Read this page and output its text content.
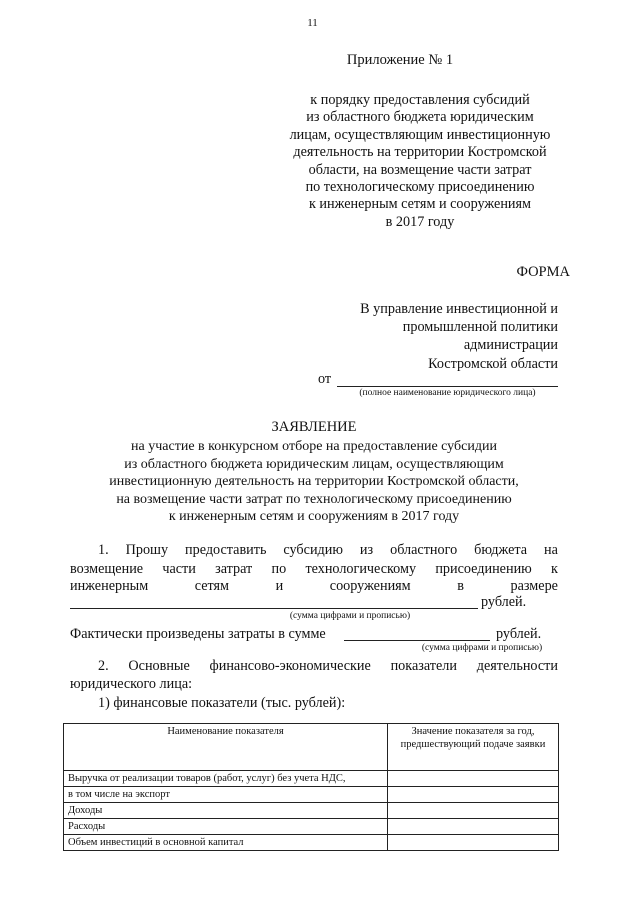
11
Приложение № 1
к порядку предоставления субсидий
из областного бюджета юридическим
лицам, осуществляющим инвестиционную
деятельность на территории Костромской
области, на возмещение части затрат
по технологическому присоединению
к инженерным сетям и сооружениям
в 2017 году
ФОРМА
В управление инвестиционной и
промышленной политики
администрации
Костромской области
от
(полное наименование юридического лица)
ЗАЯВЛЕНИЕ
на участие в конкурсном отборе на предоставление субсидии
из областного бюджета юридическим лицам, осуществляющим
инвестиционную деятельность на территории Костромской области,
на возмещение части затрат по технологическому присоединению
к инженерным сетям и сооружениям в 2017 году
1. Прошу предоставить субсидию из областного бюджета на
возмещение части затрат по технологическому присоединению к
инженерным	сетям	и	сооружениям	в	размере
рублей.
(сумма цифрами и прописью)
Фактически произведены затраты в сумме	рублей.
(сумма цифрами и прописью)
2. Основные финансово-экономические показатели деятельности
юридического лица:
1) финансовые показатели (тыс. рублей):
Наименование показателя	Значение показателя за год, предшествующий подаче заявки
Выручка от реализации товаров (работ, услуг) без учета НДС,	
в том числе на экспорт	
Доходы	
Расходы	
Объем инвестиций в основной капитал	
